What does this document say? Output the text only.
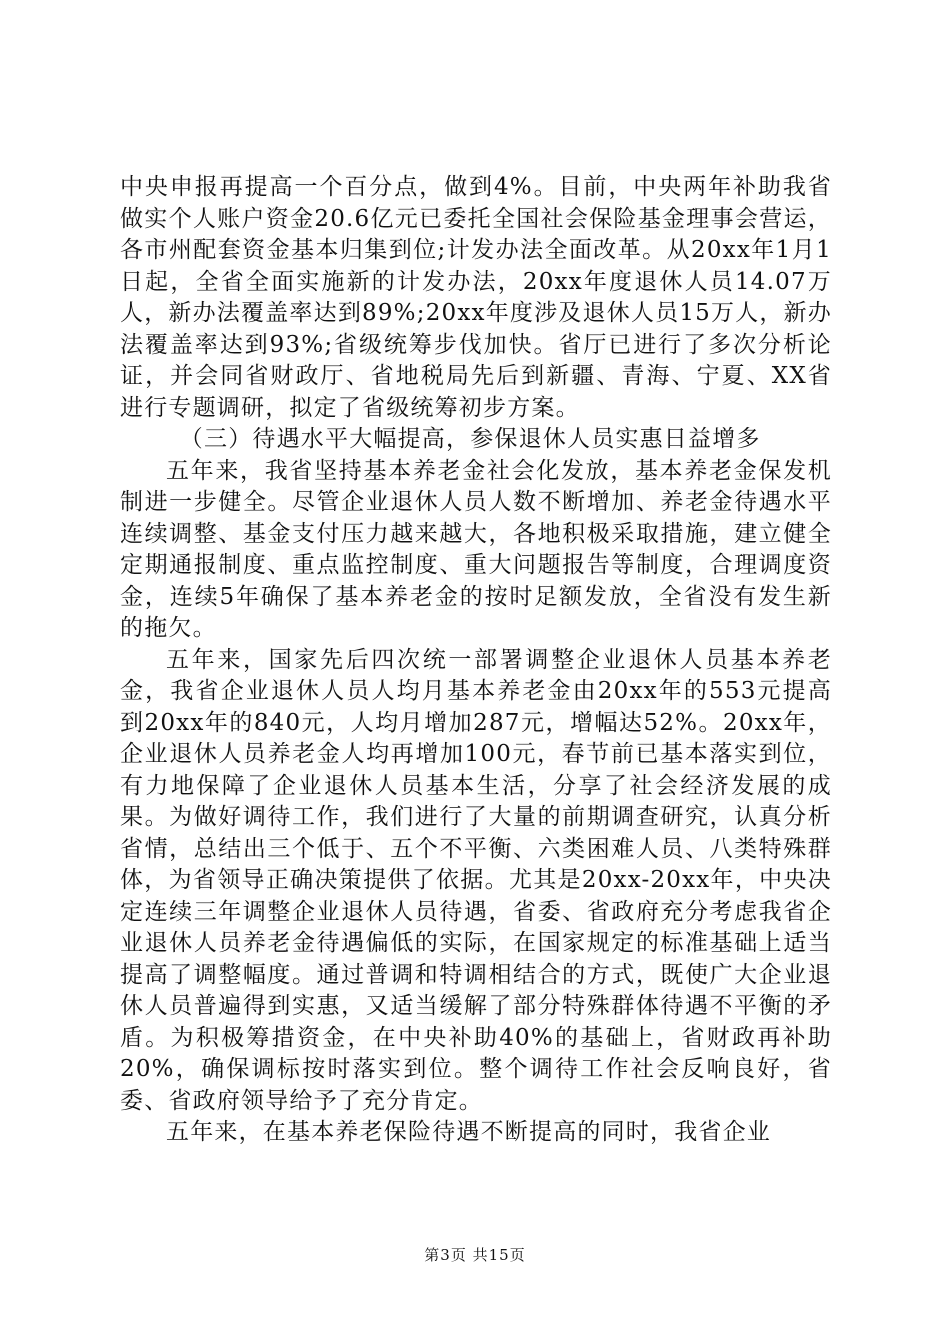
中央申报再提高一个百分点，做到4%。目前，中央两年补助我省做实个人账户资金20.6亿元已委托全国社会保险基金理事会营运，各市州配套资金基本归集到位;计发办法全面改革。从20xx年1月1日起，全省全面实施新的计发办法，20xx年度退休人员14.07万人，新办法覆盖率达到89%;20xx年度涉及退休人员15万人，新办法覆盖率达到93%;省级统筹步伐加快。省厅已进行了多次分析论证，并会同省财政厅、省地税局先后到新疆、青海、宁夏、XX省进行专题调研，拟定了省级统筹初步方案。

（三）待遇水平大幅提高，参保退休人员实惠日益增多

五年来，我省坚持基本养老金社会化发放，基本养老金保发机制进一步健全。尽管企业退休人员人数不断增加、养老金待遇水平连续调整、基金支付压力越来越大，各地积极采取措施，建立健全定期通报制度、重点监控制度、重大问题报告等制度，合理调度资金，连续5年确保了基本养老金的按时足额发放，全省没有发生新的拖欠。

五年来，国家先后四次统一部署调整企业退休人员基本养老金，我省企业退休人员人均月基本养老金由20xx年的553元提高到20xx年的840元，人均月增加287元，增幅达52%。20xx年，企业退休人员养老金人均再增加100元，春节前已基本落实到位，有力地保障了企业退休人员基本生活，分享了社会经济发展的成果。为做好调待工作，我们进行了大量的前期调查研究，认真分析省情，总结出三个低于、五个不平衡、六类困难人员、八类特殊群体，为省领导正确决策提供了依据。尤其是20xx-20xx年，中央决定连续三年调整企业退休人员待遇，省委、省政府充分考虑我省企业退休人员养老金待遇偏低的实际，在国家规定的标准基础上适当提高了调整幅度。通过普调和特调相结合的方式，既使广大企业退休人员普遍得到实惠，又适当缓解了部分特殊群体待遇不平衡的矛盾。为积极筹措资金，在中央补助40%的基础上，省财政再补助20%，确保调标按时落实到位。整个调待工作社会反响良好，省委、省政府领导给予了充分肯定。

五年来，在基本养老保险待遇不断提高的同时，我省企业

第3页 共15页
